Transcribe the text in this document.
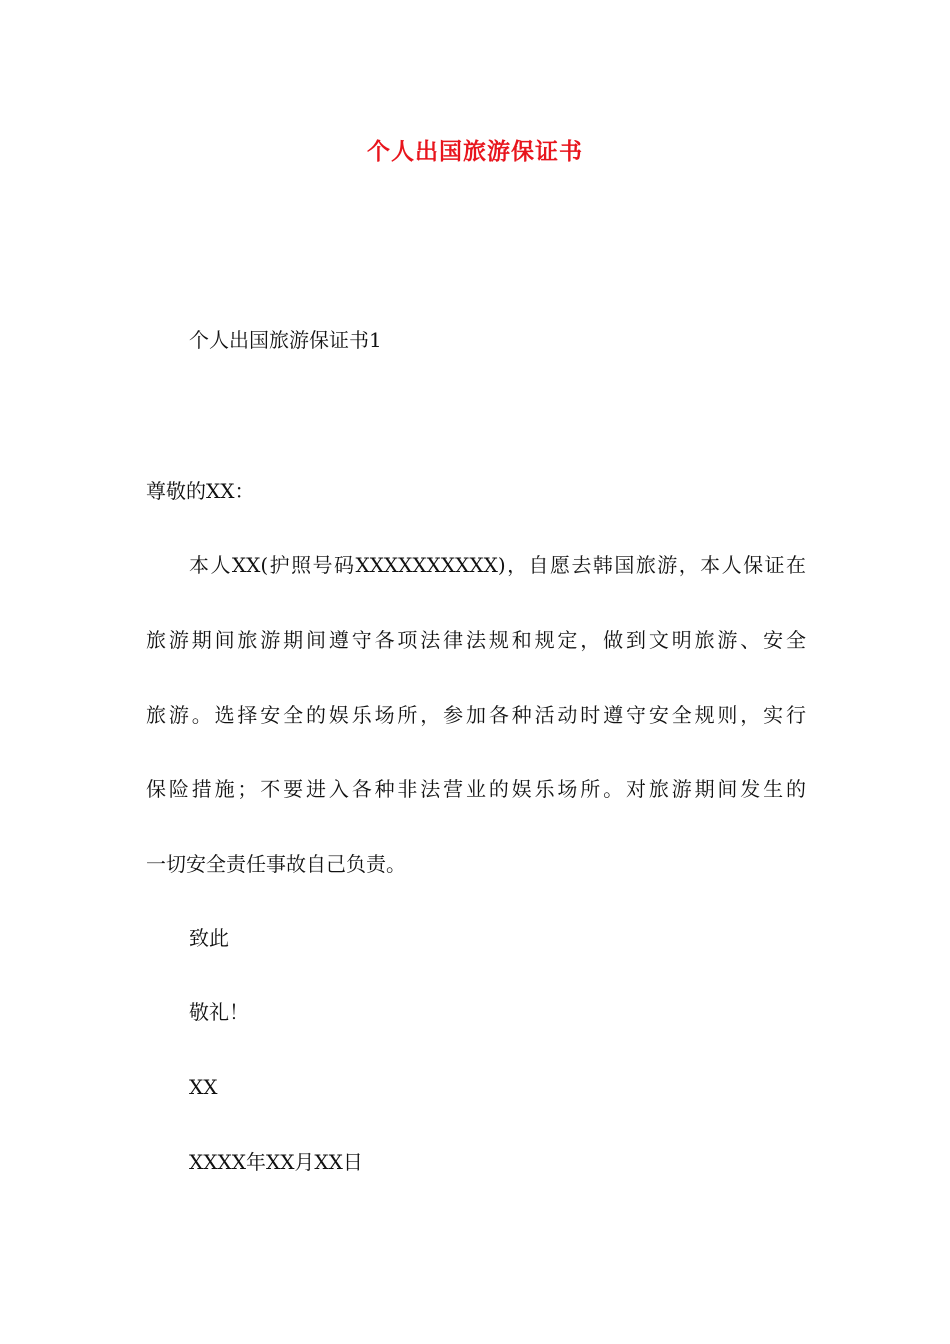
个人出国旅游保证书
个人出国旅游保证书1
尊敬的XX：
本人XX(护照号码XXXXXXXXXX)，自愿去韩国旅游，本人保证在
旅游期间旅游期间遵守各项法律法规和规定，做到文明旅游、安全
旅游。选择安全的娱乐场所，参加各种活动时遵守安全规则，实行
保险措施；不要进入各种非法营业的娱乐场所。对旅游期间发生的
一切安全责任事故自己负责。
致此
敬礼！
XX
XXXX年XX月XX日
